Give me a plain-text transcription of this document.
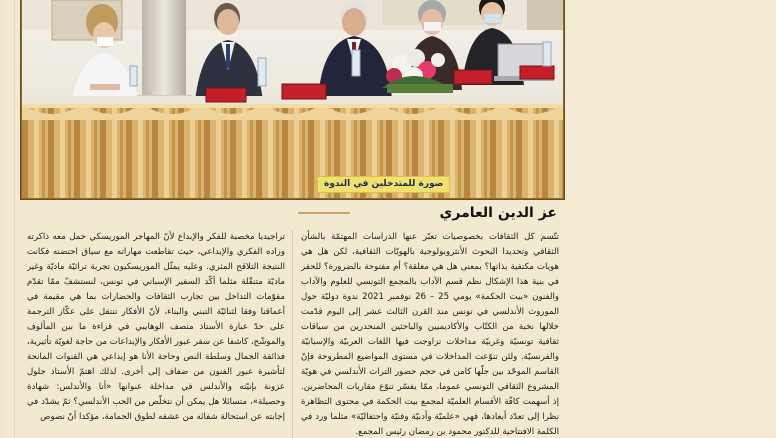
صورة للمتدخلين في الندوة
عز الدين العامري

تتّسم كل الثقافات بخصوصيات تعبّر عنها الدراسات المهتمّة بالشأن الثقافي وتحديدا البحوث الأنثروبولوجية بالهويّات الثقافية، لكن هل هي هويات مكتفية بذاتها؟ بمعنى هل هي مغلقة؟ أم مفتوحة بالضرورة؟ للحفر في بنية هذا الإشكال نظم قسم الآداب بالمجمع التونسي للعلوم والآداب والفنون «بيت الحكمة» يومي 25 – 26 نوفمبر 2021 ندوة دوليّة حول الموروث الأندلسي في تونس منذ القرن الثالث عشر إلى اليوم قدّمت خلالها نخبة من الكتّاب والأكاديميين والباحثين المنحدرين من سياقات ثقافية تونسيّة وغربيّة مداخلات تزاوجت فيها اللغات العربيّة والإسبانيّة والفرنسيّة. ولئن تنوّعت المداخلات في مستوى المواضيع المطروحة فإنّ القاسم الموحّد بين جلّها كامن في حجم حضور التراث الأندلسي في هويّة المشروع الثقافي التونسي عموما، ممّا يفسّر تنوّع مقاربات المحاضرين. إذ أسهمت كافّة الأقسام العلميّة لمجمع بيت الحكمة في محتوى التظاهرة نظرا إلى تعدّد أبعادها، فهي «علميّة وأدبيّة وفنيّة واحتفاليّة» مثلما ورد في الكلمة الافتتاحية للدكتور محمود بن رمضان رئيس المجمع.

تراجيديا مخصبة للفكر والإبداع لأنّ المهاجر الموريسكي حمل معه ذاكرته وزاده الفكري والإبداعي، حيث تقاطعت مهاراته مع سياق احتضنه فكانت النتيجة التلاقح المثري. وعليه يمثّل الموريسكيون تجربة تراثيّة ماديّة وغير ماديّة متنقّلة مثلما أكّد السفير الإسباني في تونس، لنستشفّ ممّا تقدّم مقوّمات التداخل بين تجارب الثقافات والحضارات بما هي مقيمة في أعماقنا وفقا لثنائيّة التبني والبناء، لأنّ الأفكار تنتقل على عكّاز الترجمة على حدّ عبارة الأستاذ منصف الوهايبي في قراءة ما بين المألوف والموشّح، كاشفا عن سفر عبور الأفكار والإبداعات من حاجة لغويّة تأثيرية، فذائقة الجمال وسلطة النص وحاجة الأنا هو إبداعي هي القنوات المانحة لتأشيرة عبور الفنون من ضفاف إلى أخرى. لذلك اهتمّ الأستاذ جلول عزونة بإنيّته والأندلس في مداخلة عنوانها «أنا والأندلس: شهادة وحصيلة»، متسائلا هل يمكن أن نتخلّص من الحب الأندلسي؟ ثمّ يشدّد في إجابته عن استحالة شفائه من عشقه لطوق الحمامة، مؤكدا أنّ نصوص
